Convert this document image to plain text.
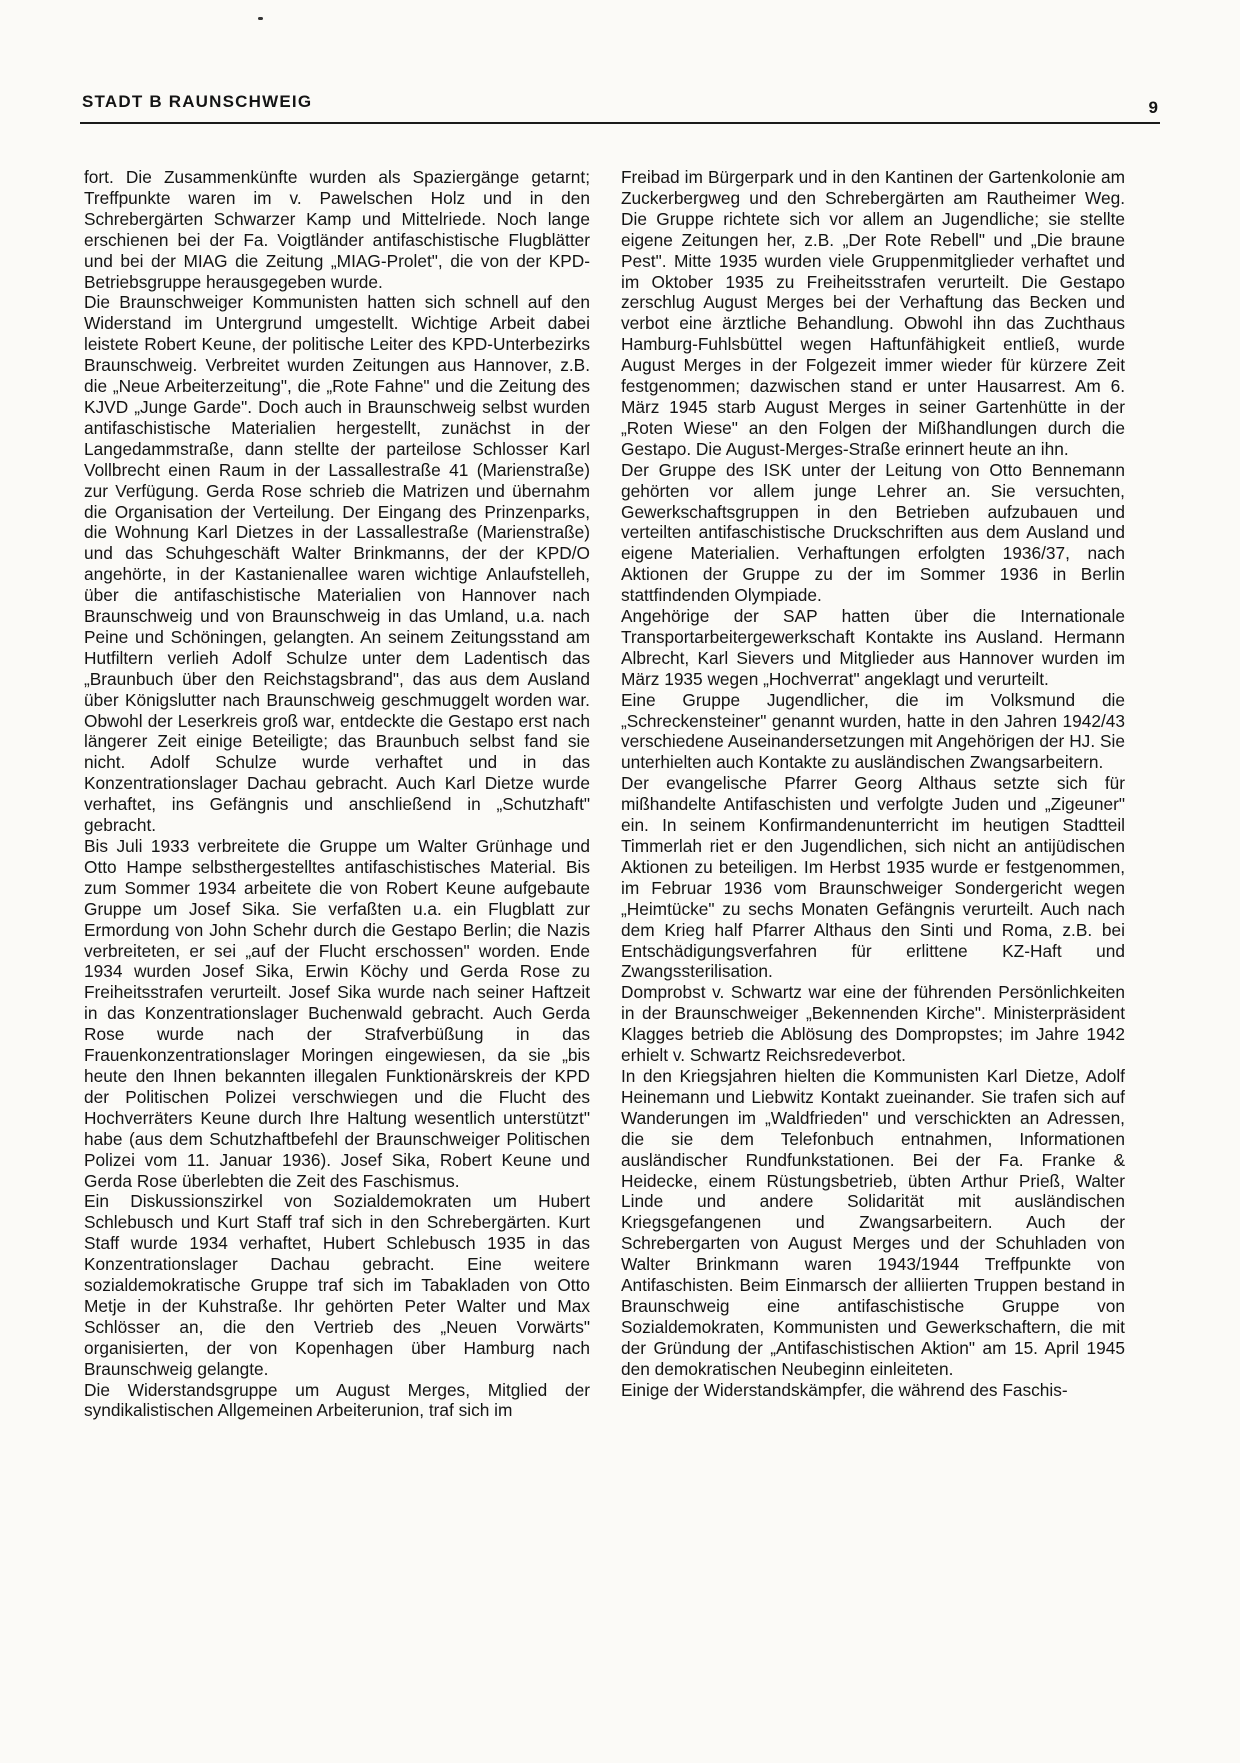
STADT B RAUNSCHWEIG	9

fort. Die Zusammenkünfte wurden als Spaziergänge getarnt; Treffpunkte waren im v. Pawelschen Holz und in den Schrebergärten Schwarzer Kamp und Mittelriede. Noch lange erschienen bei der Fa. Voigtländer antifaschistische Flugblätter und bei der MIAG die Zeitung „MIAG-Prolet", die von der KPD-Betriebsgruppe herausgegeben wurde.

Die Braunschweiger Kommunisten hatten sich schnell auf den Widerstand im Untergrund umgestellt. Wichtige Arbeit dabei leistete Robert Keune, der politische Leiter des KPD-Unterbezirks Braunschweig. Verbreitet wurden Zeitungen aus Hannover, z.B. die „Neue Arbeiterzeitung", die „Rote Fahne" und die Zeitung des KJVD „Junge Garde". Doch auch in Braunschweig selbst wurden antifaschistische Materialien hergestellt, zunächst in der Langedammstraße, dann stellte der parteilose Schlosser Karl Vollbrecht einen Raum in der Lassallestraße 41 (Marienstraße) zur Verfügung. Gerda Rose schrieb die Matrizen und übernahm die Organisation der Verteilung. Der Eingang des Prinzenparks, die Wohnung Karl Dietzes in der Lassallestraße (Marienstraße) und das Schuhgeschäft Walter Brinkmanns, der der KPD/O angehörte, in der Kastanienallee waren wichtige Anlaufstelleh, über die antifaschistische Materialien von Hannover nach Braunschweig und von Braunschweig in das Umland, u.a. nach Peine und Schöningen, gelangten. An seinem Zeitungsstand am Hutfiltern verlieh Adolf Schulze unter dem Ladentisch das „Braunbuch über den Reichstagsbrand", das aus dem Ausland über Königslutter nach Braunschweig geschmuggelt worden war. Obwohl der Leserkreis groß war, entdeckte die Gestapo erst nach längerer Zeit einige Beteiligte; das Braunbuch selbst fand sie nicht. Adolf Schulze wurde verhaftet und in das Konzentrationslager Dachau gebracht. Auch Karl Dietze wurde verhaftet, ins Gefängnis und anschließend in „Schutzhaft" gebracht.

Bis Juli 1933 verbreitete die Gruppe um Walter Grünhage und Otto Hampe selbsthergestelltes antifaschistisches Material. Bis zum Sommer 1934 arbeitete die von Robert Keune aufgebaute Gruppe um Josef Sika. Sie verfaßten u.a. ein Flugblatt zur Ermordung von John Schehr durch die Gestapo Berlin; die Nazis verbreiteten, er sei „auf der Flucht erschossen" worden. Ende 1934 wurden Josef Sika, Erwin Köchy und Gerda Rose zu Freiheitsstrafen verurteilt. Josef Sika wurde nach seiner Haftzeit in das Konzentrationslager Buchenwald gebracht. Auch Gerda Rose wurde nach der Strafverbüßung in das Frauenkonzentrationslager Moringen eingewiesen, da sie „bis heute den Ihnen bekannten illegalen Funktionärskreis der KPD der Politischen Polizei verschwiegen und die Flucht des Hochverräters Keune durch Ihre Haltung wesentlich unterstützt" habe (aus dem Schutzhaftbefehl der Braunschweiger Politischen Polizei vom 11. Januar 1936). Josef Sika, Robert Keune und Gerda Rose überlebten die Zeit des Faschismus.

Ein Diskussionszirkel von Sozialdemokraten um Hubert Schlebusch und Kurt Staff traf sich in den Schrebergärten. Kurt Staff wurde 1934 verhaftet, Hubert Schlebusch 1935 in das Konzentrationslager Dachau gebracht. Eine weitere sozialdemokratische Gruppe traf sich im Tabakladen von Otto Metje in der Kuhstraße. Ihr gehörten Peter Walter und Max Schlösser an, die den Vertrieb des „Neuen Vorwärts" organisierten, der von Kopenhagen über Hamburg nach Braunschweig gelangte.

Die Widerstandsgruppe um August Merges, Mitglied der syndikalistischen Allgemeinen Arbeiterunion, traf sich im

Freibad im Bürgerpark und in den Kantinen der Gartenkolonie am Zuckerbergweg und den Schrebergärten am Rautheimer Weg. Die Gruppe richtete sich vor allem an Jugendliche; sie stellte eigene Zeitungen her, z.B. „Der Rote Rebell" und „Die braune Pest". Mitte 1935 wurden viele Gruppenmitglieder verhaftet und im Oktober 1935 zu Freiheitsstrafen verurteilt. Die Gestapo zerschlug August Merges bei der Verhaftung das Becken und verbot eine ärztliche Behandlung. Obwohl ihn das Zuchthaus Hamburg-Fuhlsbüttel wegen Haftunfähigkeit entließ, wurde August Merges in der Folgezeit immer wieder für kürzere Zeit festgenommen; dazwischen stand er unter Hausarrest. Am 6. März 1945 starb August Merges in seiner Gartenhütte in der „Roten Wiese" an den Folgen der Mißhandlungen durch die Gestapo. Die August-Merges-Straße erinnert heute an ihn.

Der Gruppe des ISK unter der Leitung von Otto Bennemann gehörten vor allem junge Lehrer an. Sie versuchten, Gewerkschaftsgruppen in den Betrieben aufzubauen und verteilten antifaschistische Druckschriften aus dem Ausland und eigene Materialien. Verhaftungen erfolgten 1936/37, nach Aktionen der Gruppe zu der im Sommer 1936 in Berlin stattfindenden Olympiade.

Angehörige der SAP hatten über die Internationale Transportarbeitergewerkschaft Kontakte ins Ausland. Hermann Albrecht, Karl Sievers und Mitglieder aus Hannover wurden im März 1935 wegen „Hochverrat" angeklagt und verurteilt.

Eine Gruppe Jugendlicher, die im Volksmund die „Schreckensteiner" genannt wurden, hatte in den Jahren 1942/43 verschiedene Auseinandersetzungen mit Angehörigen der HJ. Sie unterhielten auch Kontakte zu ausländischen Zwangsarbeitern.

Der evangelische Pfarrer Georg Althaus setzte sich für mißhandelte Antifaschisten und verfolgte Juden und „Zigeuner" ein. In seinem Konfirmandenunterricht im heutigen Stadtteil Timmerlah riet er den Jugendlichen, sich nicht an antijüdischen Aktionen zu beteiligen. Im Herbst 1935 wurde er festgenommen, im Februar 1936 vom Braunschweiger Sondergericht wegen „Heimtücke" zu sechs Monaten Gefängnis verurteilt. Auch nach dem Krieg half Pfarrer Althaus den Sinti und Roma, z.B. bei Entschädigungsverfahren für erlittene KZ-Haft und Zwangssterilisation.

Domprobst v. Schwartz war eine der führenden Persönlichkeiten in der Braunschweiger „Bekennenden Kirche". Ministerpräsident Klagges betrieb die Ablösung des Dompropstes; im Jahre 1942 erhielt v. Schwartz Reichsredeverbot.

In den Kriegsjahren hielten die Kommunisten Karl Dietze, Adolf Heinemann und Liebwitz Kontakt zueinander. Sie trafen sich auf Wanderungen im „Waldfrieden" und verschickten an Adressen, die sie dem Telefonbuch entnahmen, Informationen ausländischer Rundfunkstationen. Bei der Fa. Franke & Heidecke, einem Rüstungsbetrieb, übten Arthur Prieß, Walter Linde und andere Solidarität mit ausländischen Kriegsgefangenen und Zwangsarbeitern. Auch der Schrebergarten von August Merges und der Schuhladen von Walter Brinkmann waren 1943/1944 Treffpunkte von Antifaschisten. Beim Einmarsch der alliierten Truppen bestand in Braunschweig eine antifaschistische Gruppe von Sozialdemokraten, Kommunisten und Gewerkschaftern, die mit der Gründung der „Antifaschistischen Aktion" am 15. April 1945 den demokratischen Neubeginn einleiteten.

Einige der Widerstandskämpfer, die während des Faschis-
